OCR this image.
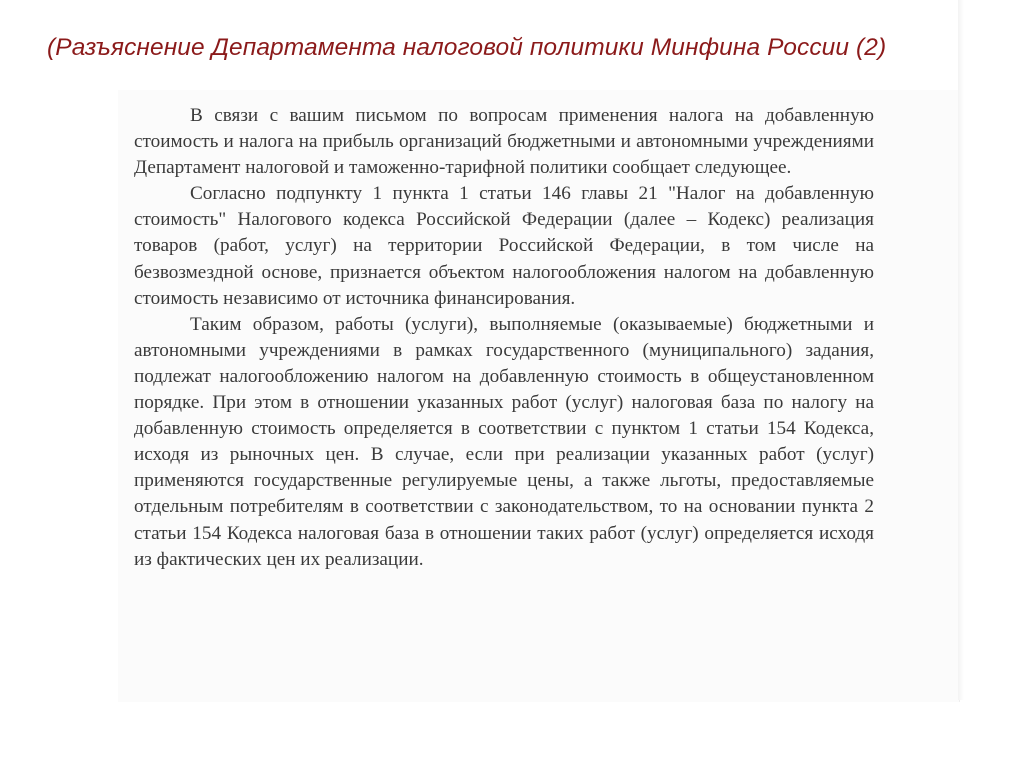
(Разъяснение Департамента налоговой политики Минфина России (2)

В связи с вашим письмом по вопросам применения налога на добавленную стоимость и налога на прибыль организаций бюджетными и автономными учреждениями Департамент налоговой и таможенно-тарифной политики сообщает следующее.

Согласно подпункту 1 пункта 1 статьи 146 главы 21 "Налог на добавленную стоимость" Налогового кодекса Российской Федерации (далее – Кодекс) реализация товаров (работ, услуг) на территории Российской Федерации, в том числе на безвозмездной основе, признается объектом налогообложения налогом на добавленную стоимость независимо от источника финансирования.

Таким образом, работы (услуги), выполняемые (оказываемые) бюджетными и автономными учреждениями в рамках государственного (муниципального) задания, подлежат налогообложению налогом на добавленную стоимость в общеустановленном порядке. При этом в отношении указанных работ (услуг) налоговая база по налогу на добавленную стоимость определяется в соответствии с пунктом 1 статьи 154 Кодекса, исходя из рыночных цен. В случае, если при реализации указанных работ (услуг) применяются государственные регулируемые цены, а также льготы, предоставляемые отдельным потребителям в соответствии с законодательством, то на основании пункта 2 статьи 154 Кодекса налоговая база в отношении таких работ (услуг) определяется исходя из фактических цен их реализации.
